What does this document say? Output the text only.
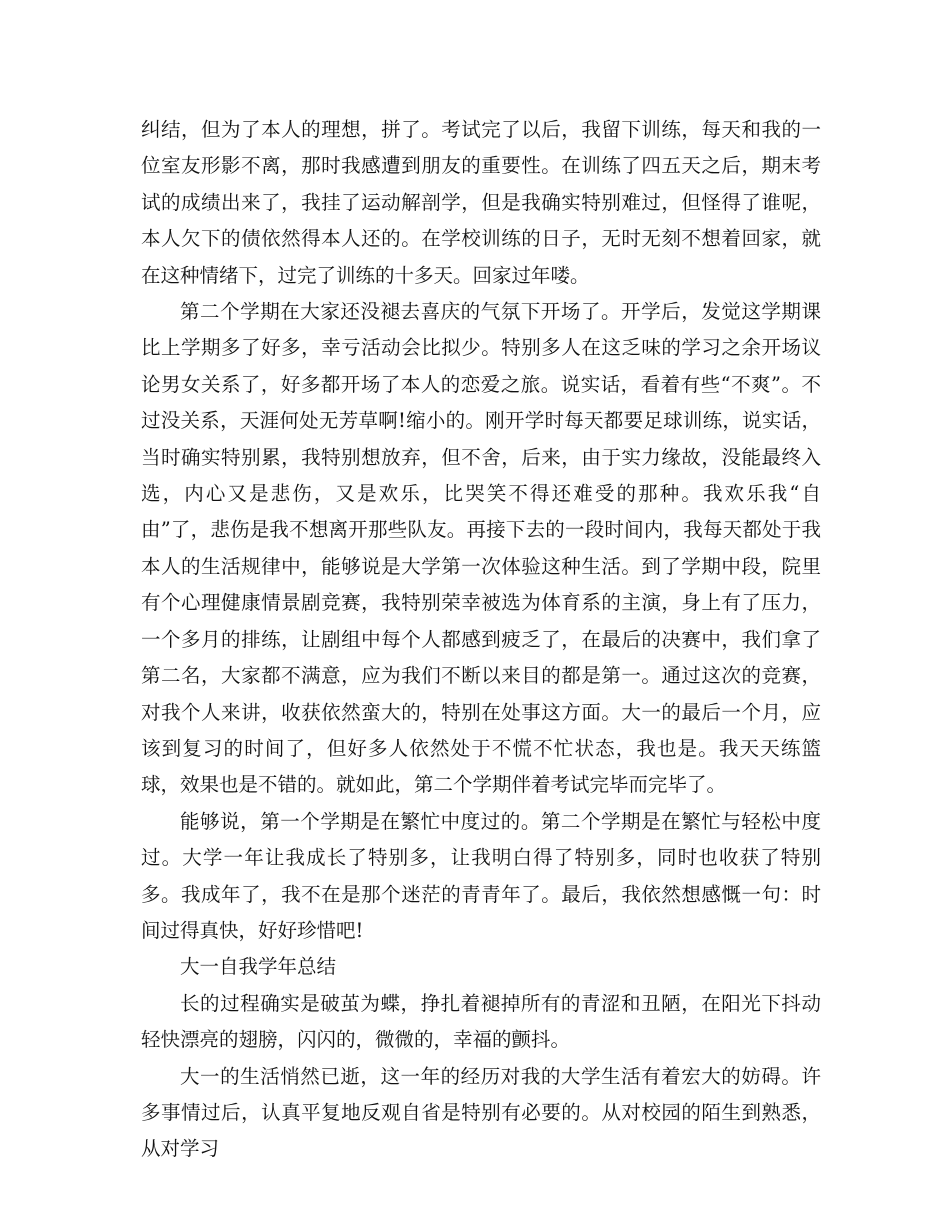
纠结，但为了本人的理想，拼了。考试完了以后，我留下训练，每天和我的一位室友形影不离，那时我感遭到朋友的重要性。在训练了四五天之后，期末考试的成绩出来了，我挂了运动解剖学，但是我确实特别难过，但怪得了谁呢，本人欠下的债依然得本人还的。在学校训练的日子，无时无刻不想着回家，就在这种情绪下，过完了训练的十多天。回家过年喽。

第二个学期在大家还没褪去喜庆的气氛下开场了。开学后，发觉这学期课比上学期多了好多，幸亏活动会比拟少。特别多人在这乏味的学习之余开场议论男女关系了，好多都开场了本人的恋爱之旅。说实话，看着有些“不爽”。不过没关系，天涯何处无芳草啊!缩小的。刚开学时每天都要足球训练，说实话，当时确实特别累，我特别想放弃，但不舍，后来，由于实力缘故，没能最终入选，内心又是悲伤，又是欢乐，比哭笑不得还难受的那种。我欢乐我“自由”了，悲伤是我不想离开那些队友。再接下去的一段时间内，我每天都处于我本人的生活规律中，能够说是大学第一次体验这种生活。到了学期中段，院里有个心理健康情景剧竞赛，我特别荣幸被选为体育系的主演，身上有了压力，一个多月的排练，让剧组中每个人都感到疲乏了，在最后的决赛中，我们拿了第二名，大家都不满意，应为我们不断以来目的都是第一。通过这次的竞赛，对我个人来讲，收获依然蛮大的，特别在处事这方面。大一的最后一个月，应该到复习的时间了，但好多人依然处于不慌不忙状态，我也是。我天天练篮球，效果也是不错的。就如此，第二个学期伴着考试完毕而完毕了。

能够说，第一个学期是在繁忙中度过的。第二个学期是在繁忙与轻松中度过。大学一年让我成长了特别多，让我明白得了特别多，同时也收获了特别多。我成年了，我不在是那个迷茫的青青年了。最后，我依然想感慨一句：时间过得真快，好好珍惜吧!

大一自我学年总结

长的过程确实是破茧为蝶，挣扎着褪掉所有的青涩和丑陋，在阳光下抖动轻快漂亮的翅膀，闪闪的，微微的，幸福的颤抖。

大一的生活悄然已逝，这一年的经历对我的大学生活有着宏大的妨碍。许多事情过后，认真平复地反观自省是特别有必要的。从对校园的陌生到熟悉，从对学习
